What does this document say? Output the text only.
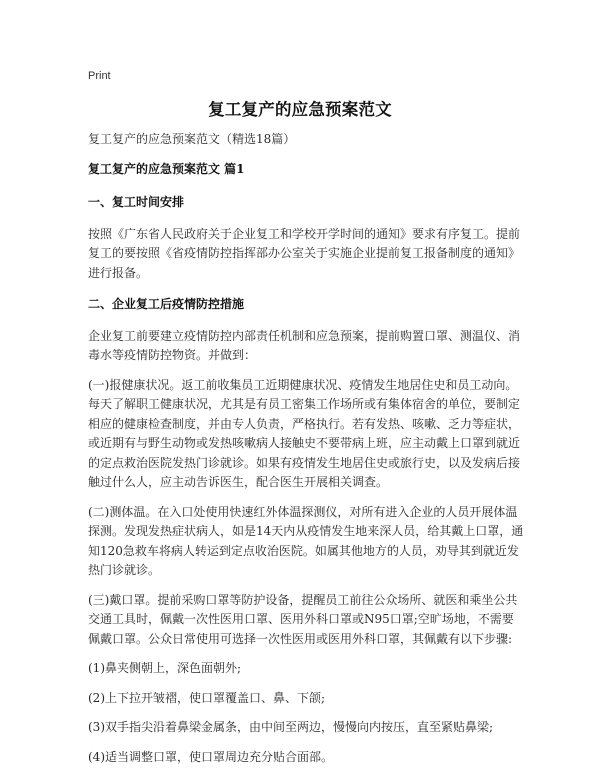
Print
复工复产的应急预案范文

复工复产的应急预案范文（精选18篇）

复工复产的应急预案范文 篇1

一、复工时间安排

按照《广东省人民政府关于企业复工和学校开学时间的通知》要求有序复工。提前复工的要按照《省疫情防控指挥部办公室关于实施企业提前复工报备制度的通知》进行报备。

二、企业复工后疫情防控措施

企业复工前要建立疫情防控内部责任机制和应急预案，提前购置口罩、测温仪、消毒水等疫情防控物资。并做到：

(一)报健康状况。返工前收集员工近期健康状况、疫情发生地居住史和员工动向。每天了解职工健康状况，尤其是有员工密集工作场所或有集体宿舍的单位，要制定相应的健康检查制度，并由专人负责，严格执行。若有发热、咳嗽、乏力等症状，或近期有与野生动物或发热咳嗽病人接触史不要带病上班，应主动戴上口罩到就近的定点救治医院发热门诊就诊。如果有疫情发生地居住史或旅行史，以及发病后接触过什么人，应主动告诉医生，配合医生开展相关调查。

(二)测体温。在入口处使用快速红外体温探测仪，对所有进入企业的人员开展体温探测。发现发热症状病人，如是14天内从疫情发生地来深人员，给其戴上口罩，通知120急救车将病人转运到定点收治医院。如属其他地方的人员，劝导其到就近发热门诊就诊。

(三)戴口罩。提前采购口罩等防护设备，提醒员工前往公众场所、就医和乘坐公共交通工具时，佩戴一次性医用口罩、医用外科口罩或N95口罩;空旷场地，不需要佩戴口罩。公众日常使用可选择一次性医用或医用外科口罩，其佩戴有以下步骤:

(1)鼻夹侧朝上，深色面朝外;

(2)上下拉开皱褶，使口罩覆盖口、鼻、下颌;

(3)双手指尖沿着鼻梁金属条，由中间至两边，慢慢向内按压，直至紧贴鼻梁;

(4)适当调整口罩，使口罩周边充分贴合面部。
